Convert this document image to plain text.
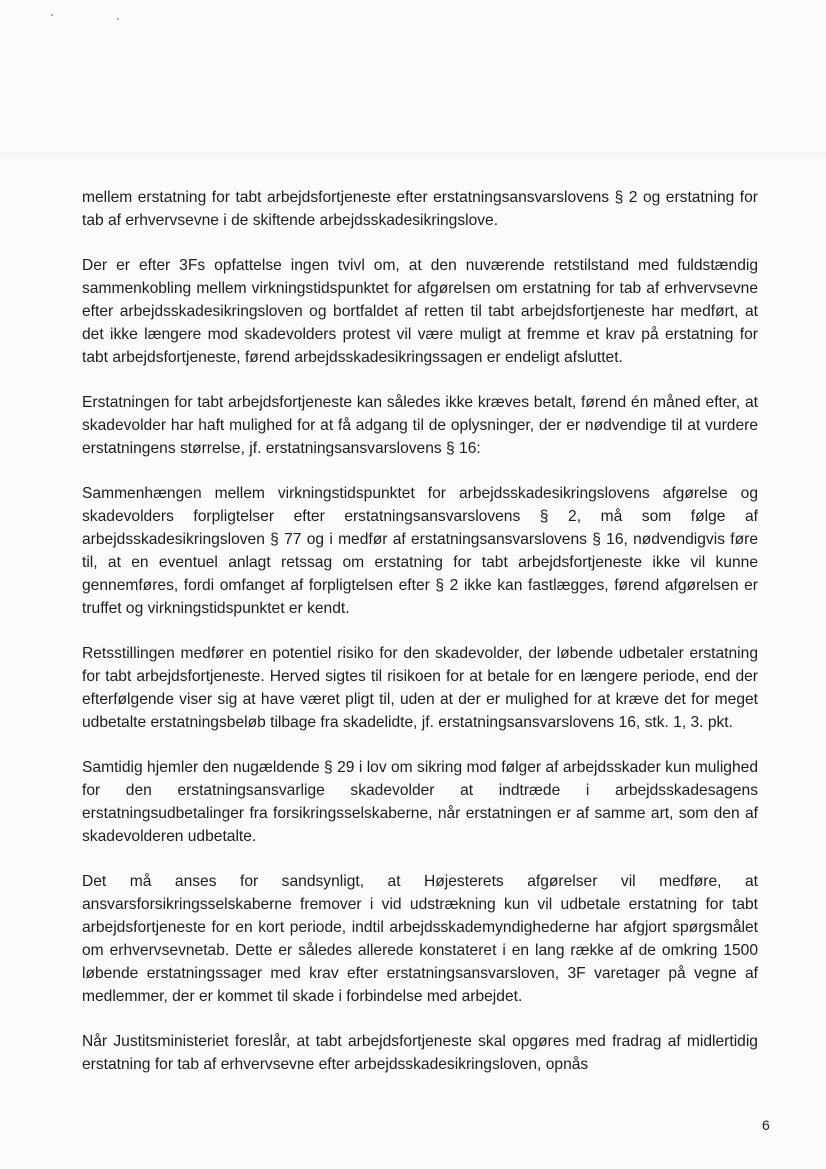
mellem erstatning for tabt arbejdsfortjeneste efter erstatningsansvarslovens § 2 og erstatning for tab af erhvervsevne i de skiftende arbejdsskadesikringslove.

Der er efter 3Fs opfattelse ingen tvivl om, at den nuværende retstilstand med fuldstændig sammenkobling mellem virkningstidspunktet for afgørelsen om erstatning for tab af erhvervsevne efter arbejdsskadesikringsloven og bortfaldet af retten til tabt arbejdsfortjeneste har medført, at det ikke længere mod skadevolders protest vil være muligt at fremme et krav på erstatning for tabt arbejdsfortjeneste, førend arbejdsskadesikringssagen er endeligt afsluttet.

Erstatningen for tabt arbejdsfortjeneste kan således ikke kræves betalt, førend én måned efter, at skadevolder har haft mulighed for at få adgang til de oplysninger, der er nødvendige til at vurdere erstatningens størrelse, jf. erstatningsansvarslovens § 16:

Sammenhængen mellem virkningstidspunktet for arbejdsskadesikringslovens afgørelse og skadevolders forpligtelser efter erstatningsansvarslovens § 2, må som følge af arbejdsskadesikringsloven § 77 og i medfør af erstatningsansvarslovens § 16, nødvendigvis føre til, at en eventuel anlagt retssag om erstatning for tabt arbejdsfortjeneste ikke vil kunne gennemføres, fordi omfanget af forpligtelsen efter § 2 ikke kan fastlægges, førend afgørelsen er truffet og virkningstidspunktet er kendt.

Retsstillingen medfører en potentiel risiko for den skadevolder, der løbende udbetaler erstatning for tabt arbejdsfortjeneste. Herved sigtes til risikoen for at betale for en længere periode, end der efterfølgende viser sig at have været pligt til, uden at der er mulighed for at kræve det for meget udbetalte erstatningsbeløb tilbage fra skadelidte, jf. erstatningsansvarslovens 16, stk. 1, 3. pkt.

Samtidig hjemler den nugældende § 29 i lov om sikring mod følger af arbejdsskader kun mulighed for den erstatningsansvarlige skadevolder at indtræde i arbejdsskadesagens erstatningsudbetalinger fra forsikringsselskaberne, når erstatningen er af samme art, som den af skadevolderen udbetalte.

Det må anses for sandsynligt, at Højesterets afgørelser vil medføre, at ansvarsforsikringsselskaberne fremover i vid udstrækning kun vil udbetale erstatning for tabt arbejdsfortjeneste for en kort periode, indtil arbejdsskademyndighederne har afgjort spørgsmålet om erhvervsevnetab. Dette er således allerede konstateret i en lang række af de omkring 1500 løbende erstatningssager med krav efter erstatningsansvarsloven, 3F varetager på vegne af medlemmer, der er kommet til skade i forbindelse med arbejdet.

Når Justitsministeriet foreslår, at tabt arbejdsfortjeneste skal opgøres med fradrag af midlertidig erstatning for tab af erhvervsevne efter arbejdsskadesikringsloven, opnås

6
